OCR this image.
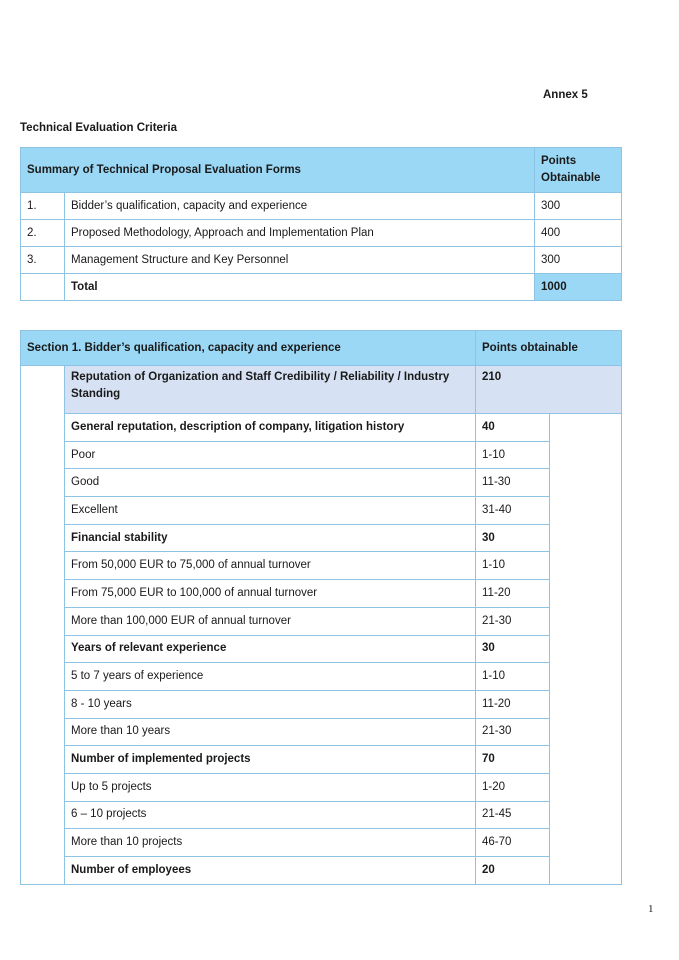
Annex 5
Technical Evaluation Criteria
Summary of Technical Proposal Evaluation Forms		Points Obtainable
1.	Bidder’s qualification, capacity and experience	300
2.	Proposed Methodology, Approach and Implementation Plan	400
3.	Management Structure and Key Personnel	300
	Total	1000
Section 1. Bidder’s qualification, capacity and experience		Points obtainable	
	Reputation of Organization and Staff Credibility / Reliability / Industry Standing	210	
	General reputation, description of company, litigation history	40	
	Poor	1-10	
	Good	11-30	
	Excellent	31-40	
	Financial stability	30	
	From 50,000 EUR to 75,000 of annual turnover	1-10	
	From 75,000 EUR to 100,000 of annual turnover	11-20	
	More than 100,000 EUR of annual turnover	21-30	
	Years of relevant experience	30	
	5 to 7 years of experience	1-10	
	8 - 10 years	11-20	
	More than 10 years	21-30	
	Number of implemented projects	70	
	Up to 5 projects	1-20	
	6 – 10 projects	21-45	
	More than 10 projects	46-70	
	Number of employees	20	
1
